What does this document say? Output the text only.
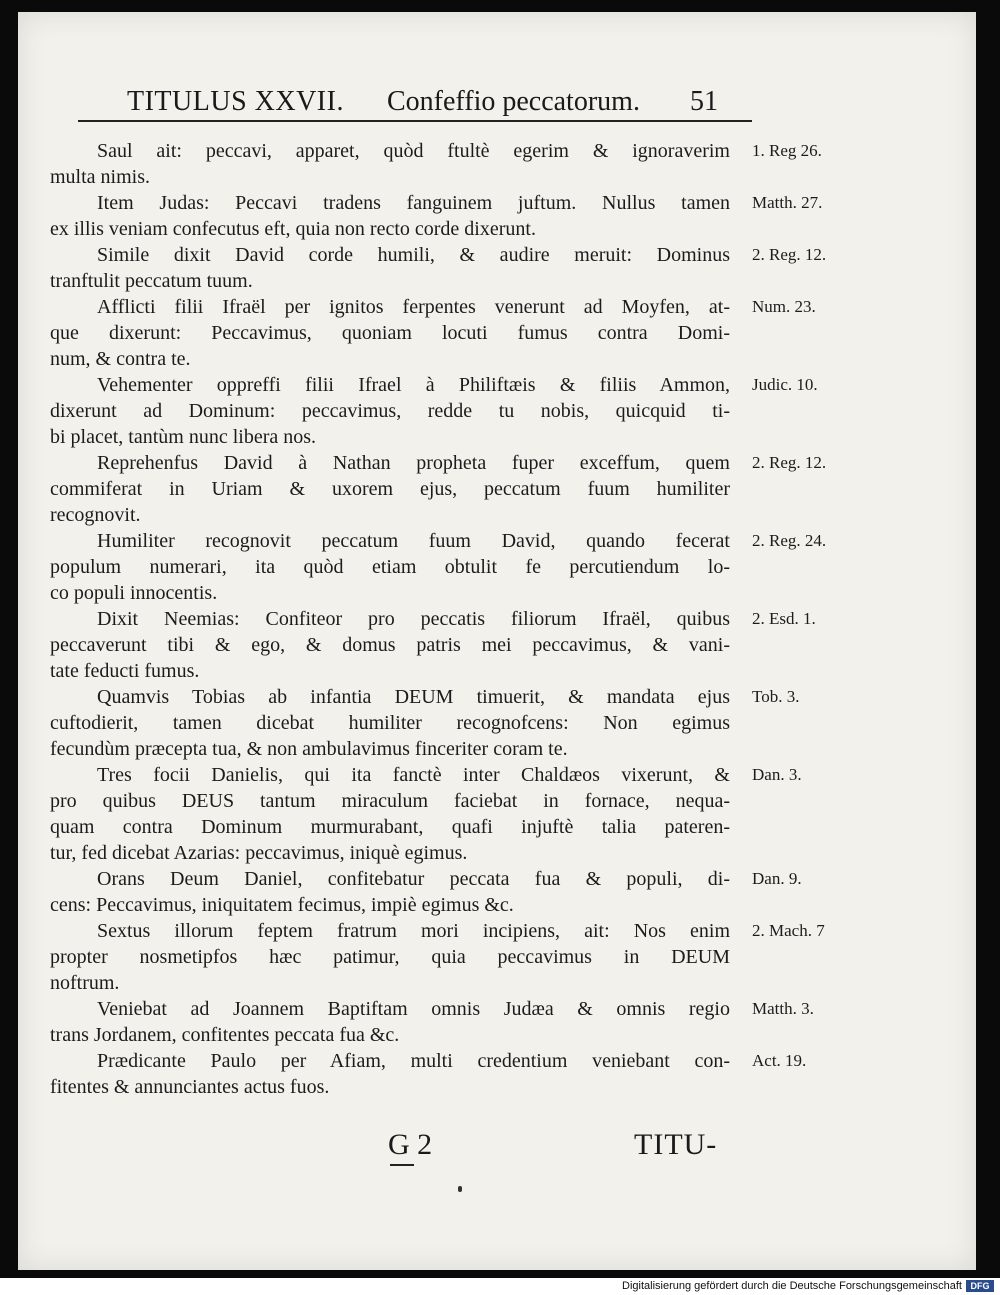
TITULUS XXVII. Confeffio peccatorum. 51
Saul ait: peccavi, apparet, quòd ftultè egerim & ignoraverim 1. Reg 26.
multa nimis.
Item Judas: Peccavi tradens fanguinem juftum. Nullus tamen Matth. 27.
ex illis veniam confecutus eft, quia non recto corde dixerunt.
Simile dixit David corde humili, & audire meruit: Dominus 2. Reg. 12.
tranftulit peccatum tuum.
Afflicti filii Ifraël per ignitos ferpentes venerunt ad Moyfen, at- Num. 23.
que dixerunt: Peccavimus, quoniam locuti fumus contra Domi-
num, & contra te.
Vehementer oppreffi filii Ifrael à Philiftæis & filiis Ammon, Judic. 10.
dixerunt ad Dominum: peccavimus, redde tu nobis, quicquid ti-
bi placet, tantùm nunc libera nos.
Reprehenfus David à Nathan propheta fuper exceffum, quem 2. Reg. 12.
commiferat in Uriam & uxorem ejus, peccatum fuum humiliter
recognovit.
Humiliter recognovit peccatum fuum David, quando fecerat 2. Reg. 24.
populum numerari, ita quòd etiam obtulit fe percutiendum lo-
co populi innocentis.
Dixit Neemias: Confiteor pro peccatis filiorum Ifraël, quibus 2. Esd. 1.
peccaverunt tibi & ego, & domus patris mei peccavimus, & vani-
tate feducti fumus.
Quamvis Tobias ab infantia DEUM timuerit, & mandata ejus Tob. 3.
cuftodierit, tamen dicebat humiliter recognofcens: Non egimus
fecundùm præcepta tua, & non ambulavimus finceriter coram te.
Tres focii Danielis, qui ita fanctè inter Chaldæos vixerunt, & Dan. 3.
pro quibus DEUS tantum miraculum faciebat in fornace, nequa-
quam contra Dominum murmurabant, quafi injuftè talia pateren-
tur, fed dicebat Azarias: peccavimus, iniquè egimus.
Orans Deum Daniel, confitebatur peccata fua & populi, di- Dan. 9.
cens: Peccavimus, iniquitatem fecimus, impiè egimus &c.
Sextus illorum feptem fratrum mori incipiens, ait: Nos enim 2. Mach. 7
propter nosmetipfos hæc patimur, quia peccavimus in DEUM
noftrum.
Veniebat ad Joannem Baptiftam omnis Judæa & omnis regio Matth. 3.
trans Jordanem, confitentes peccata fua &c.
Prædicante Paulo per Afiam, multi credentium veniebant con- Act. 19.
fitentes & annunciantes actus fuos.
G 2	TITU-
Digitalisierung gefördert durch die Deutsche Forschungsgemeinschaft DFG
